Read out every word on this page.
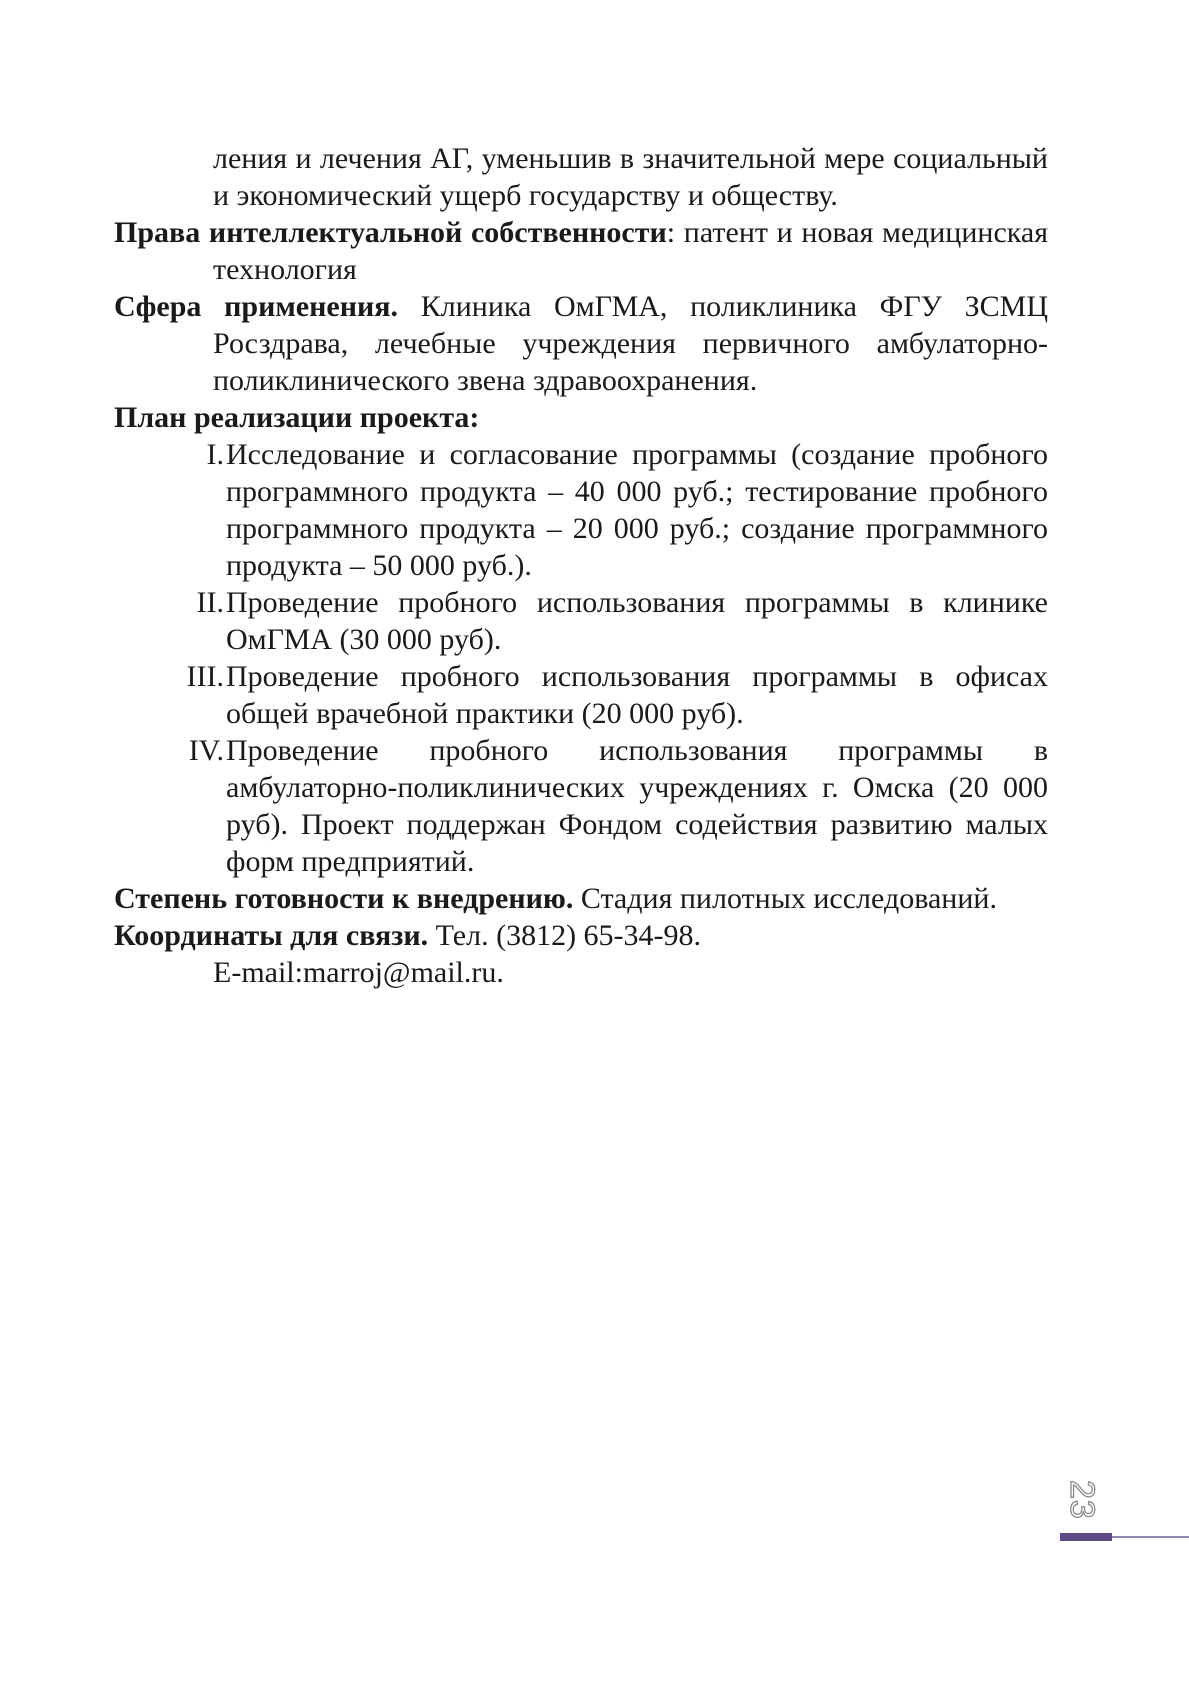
ления и лечения АГ, уменьшив в значительной мере социальный и экономический ущерб государству и обществу.

Права интеллектуальной собственности: патент и новая медицинская технология

Сфера применения. Клиника ОмГМА, поликлиника ФГУ ЗСМЦ Росздрава, лечебные учреждения первичного амбулаторно-поликлинического звена здравоохранения.

План реализации проекта:

I. Исследование и согласование программы (создание пробного программного продукта – 40 000 руб.; тестирование пробного программного продукта – 20 000 руб.; создание программного продукта – 50 000 руб.).
II. Проведение пробного использования программы в клинике ОмГМА (30 000 руб).
III. Проведение пробного использования программы в офисах общей врачебной практики (20 000 руб).
IV. Проведение пробного использования программы в амбулаторно-поликлинических учреждениях г. Омска (20 000 руб). Проект поддержан Фондом содействия развитию малых форм предприятий.

Степень готовности к внедрению. Стадия пилотных исследований.

Координаты для связи. Тел. (3812) 65-34-98.

E-mail:marroj@mail.ru.

23
